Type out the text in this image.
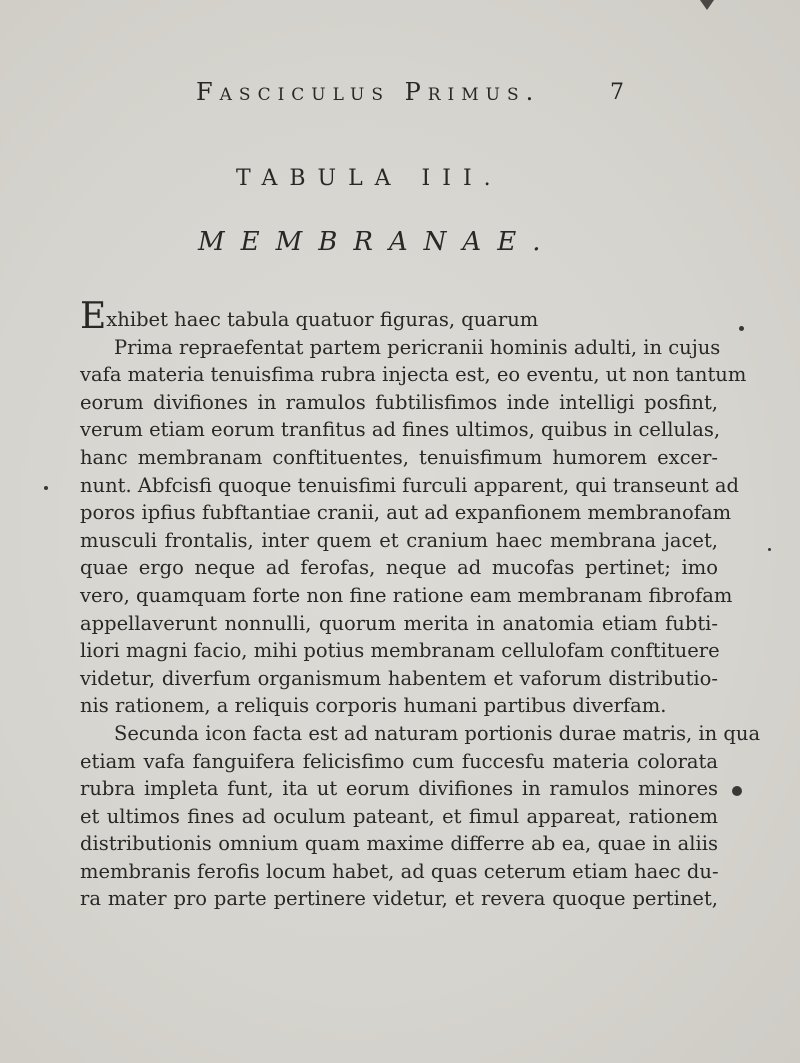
Fasciculus Primus.	7
TABULA III.
MEMBRANAE.
Exhibet haec tabula quatuor figuras, quarum
Prima repraefentat partem pericranii hominis adulti, in cujus
vafa materia tenuisfima rubra injecta est, eo eventu, ut non tantum
eorum divifiones in ramulos fubtilisfimos inde intelligi posfint,
verum etiam eorum tranfitus ad fines ultimos, quibus in cellulas,
hanc membranam conftituentes, tenuisfimum humorem excer-
nunt. Abfcisfi quoque tenuisfimi furculi apparent, qui transeunt ad
poros ipfius fubftantiae cranii, aut ad expanfionem membranofam
musculi frontalis, inter quem et cranium haec membrana jacet,
quae ergo neque ad ferofas, neque ad mucofas pertinet; imo
vero, quamquam forte non fine ratione eam membranam fibrofam
appellaverunt nonnulli, quorum merita in anatomia etiam fubti-
liori magni facio, mihi potius membranam cellulofam conftituere
videtur, diverfum organismum habentem et vaforum distributio-
nis rationem, a reliquis corporis humani partibus diverfam.
Secunda icon facta est ad naturam portionis durae matris, in qua
etiam vafa fanguifera felicisfimo cum fuccesfu materia colorata
rubra impleta funt, ita ut eorum divifiones in ramulos minores
et ultimos fines ad oculum pateant, et fimul appareat, rationem
distributionis omnium quam maxime differre ab ea, quae in aliis
membranis ferofis locum habet, ad quas ceterum etiam haec du-
ra mater pro parte pertinere videtur, et revera quoque pertinet,
